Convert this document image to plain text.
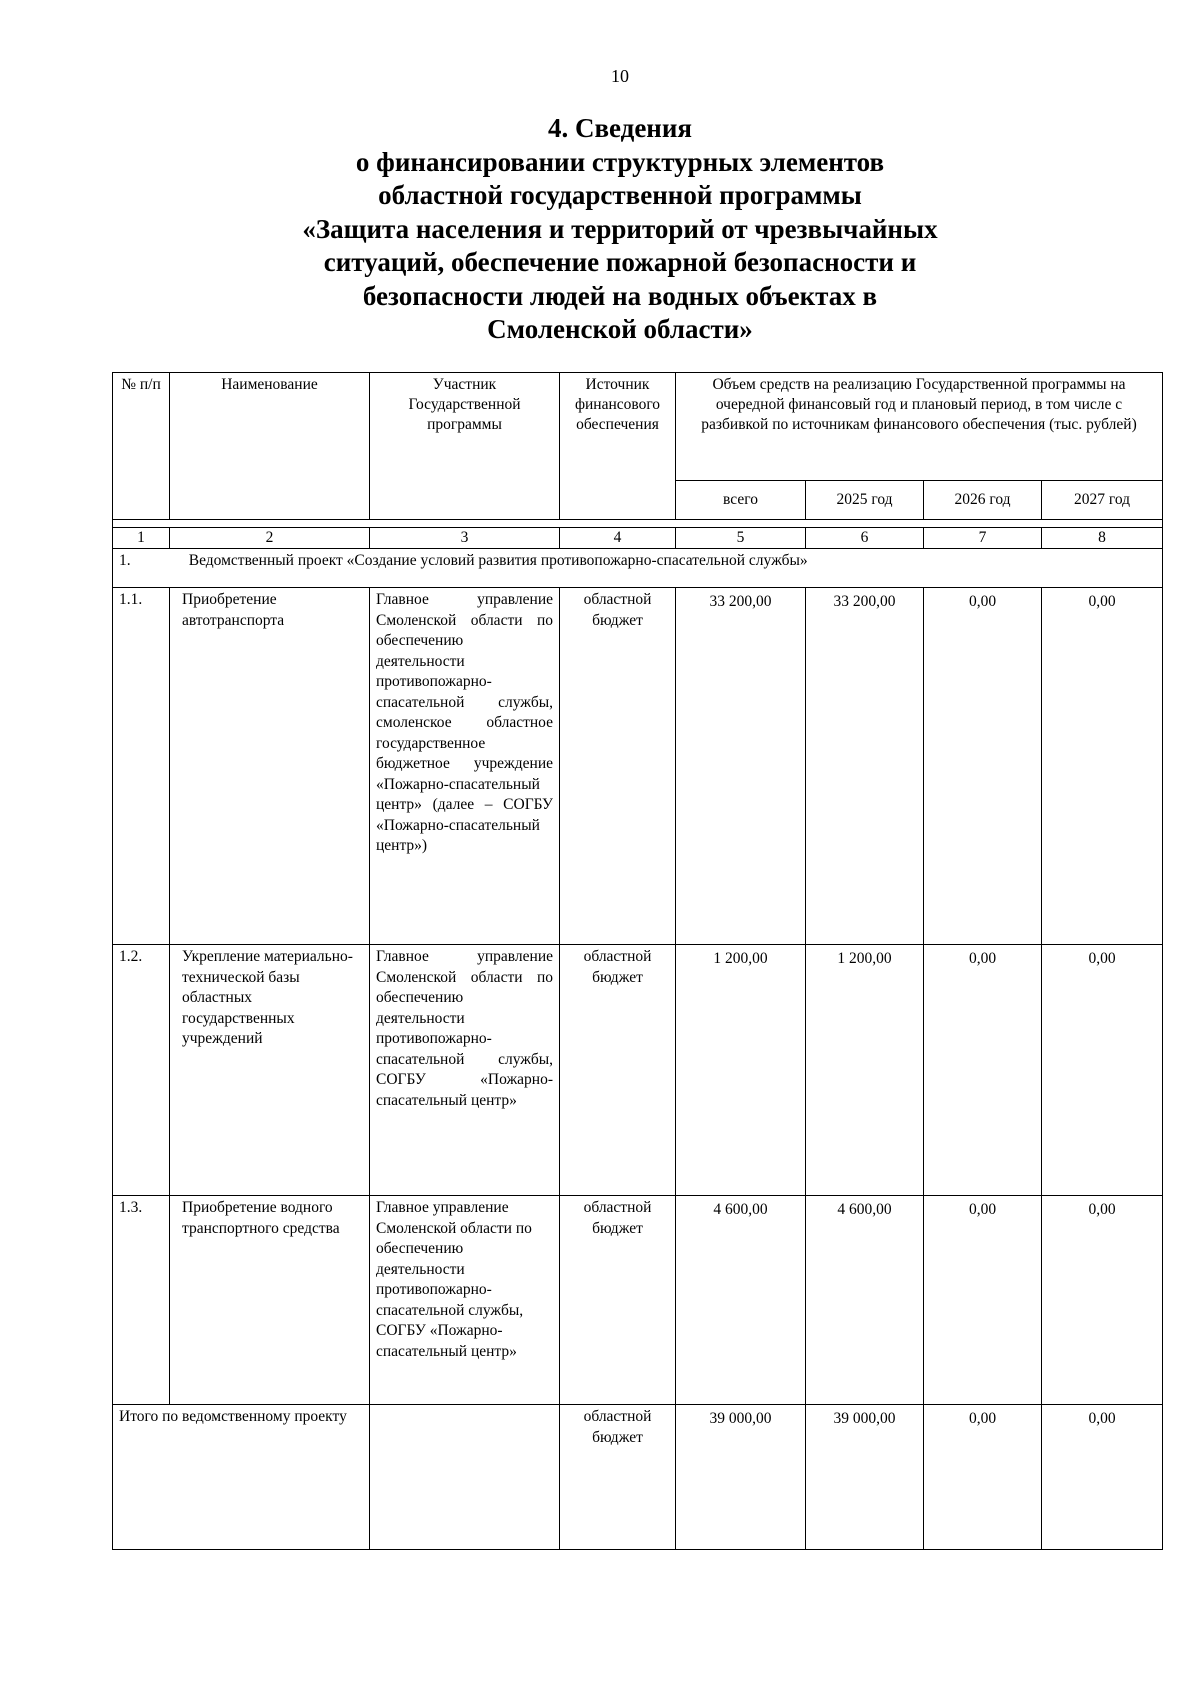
10
4. Сведения
о финансировании структурных элементов
областной государственной программы
«Защита населения и территорий от чрезвычайных
ситуаций, обеспечение пожарной безопасности и
безопасности людей на водных объектах в
Смоленской области»
№ п/п	Наименование	Участник Государственной программы	Источник финансового обеспечения	Объем средств на реализацию Государственной программы на очередной финансовый год и плановый период, в том числе с разбивкой по источникам финансового обеспечения (тыс. рублей)			
				всего	2025 год	2026 год	2027 год

1	2	3	4	5	6	7	8
1. Ведомственный проект «Создание условий развития противопожарно-спасательной службы»							
1.1.	Приобретение автотранспорта	Главное управление Смоленской области по обеспечению деятельности противопожарно-спасательной службы, смоленское областное государственное бюджетное учреждение «Пожарно-спасательный центр» (далее – СОГБУ «Пожарно-спасательный центр»)	областной бюджет	33 200,00	33 200,00	0,00	0,00
1.2.	Укрепление материально-технической базы областных государственных учреждений	Главное управление Смоленской области по обеспечению деятельности противопожарно-спасательной службы, СОГБУ «Пожарно-спасательный центр»	областной бюджет	1 200,00	1 200,00	0,00	0,00
1.3.	Приобретение водного транспортного средства	Главное управление Смоленской области по обеспечению деятельности противопожарно-спасательной службы, СОГБУ «Пожарно-спасательный центр»	областной бюджет	4 600,00	4 600,00	0,00	0,00
Итого по ведомственному проекту			областной бюджет	39 000,00	39 000,00	0,00	0,00
